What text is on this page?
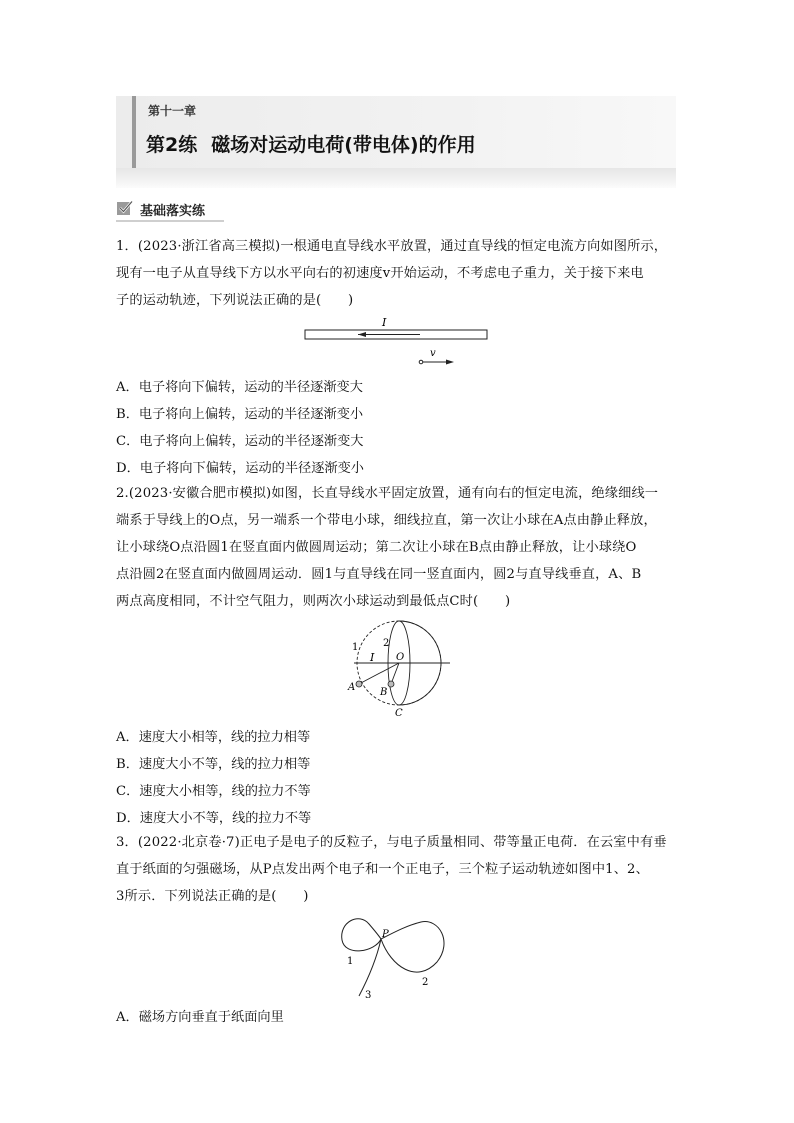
第十一章
第2练 磁场对运动电荷(带电体)的作用
基础落实练
1．(2023·浙江省高三模拟)一根通电直导线水平放置，通过直导线的恒定电流方向如图所示，
现有一电子从直导线下方以水平向右的初速度v开始运动，不考虑电子重力，关于接下来电
子的运动轨迹，下列说法正确的是(　　)
I
v
A．电子将向下偏转，运动的半径逐渐变大
B．电子将向上偏转，运动的半径逐渐变小
C．电子将向上偏转，运动的半径逐渐变大
D．电子将向下偏转，运动的半径逐渐变小
2.(2023·安徽合肥市模拟)如图，长直导线水平固定放置，通有向右的恒定电流，绝缘细线一
端系于导线上的O点，另一端系一个带电小球，细线拉直，第一次让小球在A点由静止释放，
让小球绕O点沿圆1在竖直面内做圆周运动；第二次让小球在B点由静止释放，让小球绕O
点沿圆2在竖直面内做圆周运动．圆1与直导线在同一竖直面内，圆2与直导线垂直，A、B
两点高度相同，不计空气阻力，则两次小球运动到最低点C时(　　)
1 2
I O
A B
C
A．速度大小相等，线的拉力相等
B．速度大小不等，线的拉力相等
C．速度大小相等，线的拉力不等
D．速度大小不等，线的拉力不等
3．(2022·北京卷·7)正电子是电子的反粒子，与电子质量相同、带等量正电荷．在云室中有垂
直于纸面的匀强磁场，从P点发出两个电子和一个正电子，三个粒子运动轨迹如图中1、2、
3所示．下列说法正确的是(　　)
P
1
2
3
A．磁场方向垂直于纸面向里
